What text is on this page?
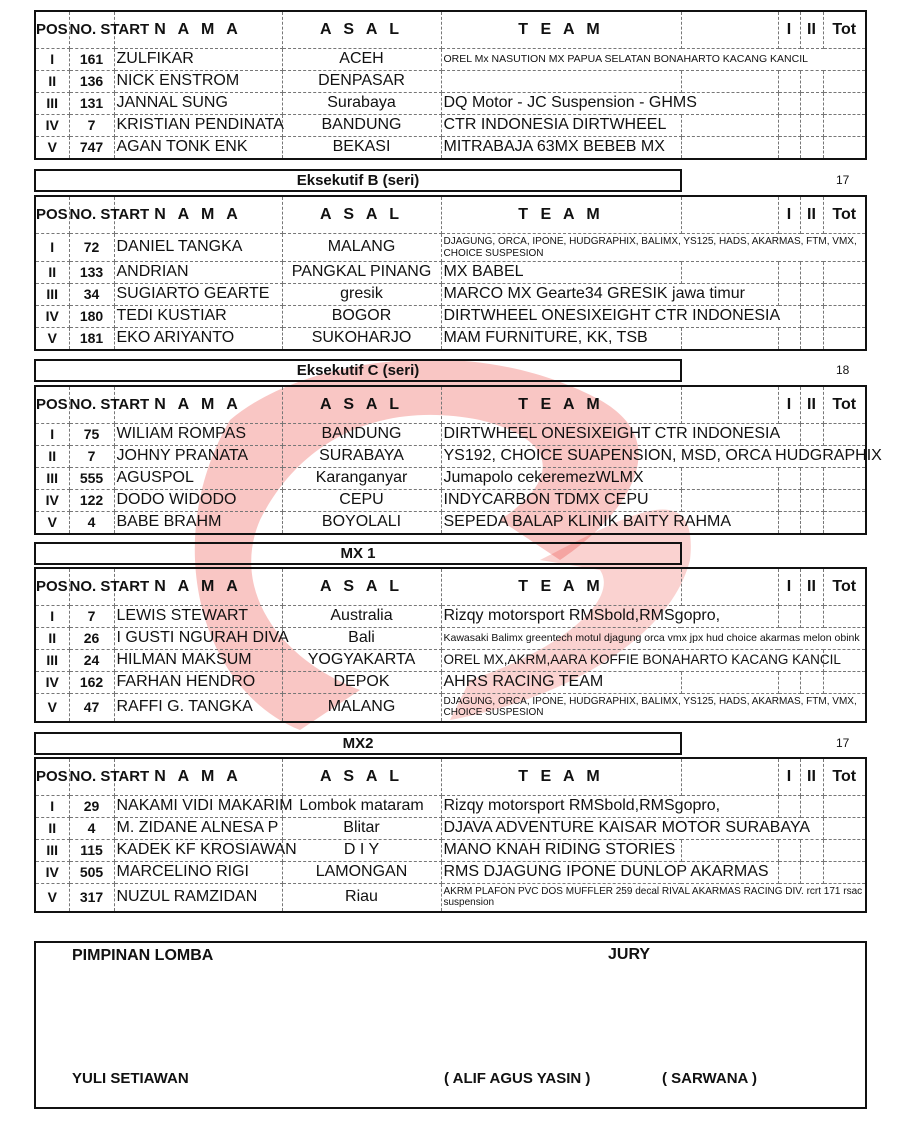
POS	NO. START	N A M A	A S A L	T E A M		I	II	Tot
I	161	ZULFIKAR	ACEH	OREL Mx NASUTION MX PAPUA SELATAN BONAHARTO KACANG KANCIL				
II	136	NICK ENSTROM	DENPASAR					
III	131	JANNAL SUNG	Surabaya	DQ Motor - JC Suspension - GHMS				
IV	7	KRISTIAN PENDINATA	BANDUNG	CTR INDONESIA DIRTWHEEL				
V	747	AGAN TONK ENK	BEKASI	MITRABAJA 63MX BEBEB MX				
Eksekutif B (seri)	17
POS	NO. START	N A M A	A S A L	T E A M		I	II	Tot
I	72	DANIEL TANGKA	MALANG	DJAGUNG, ORCA, IPONE, HUDGRAPHIX, BALIMX, YS125, HADS, AKARMAS, FTM, VMX, CHOICE SUSPESION				
II	133	ANDRIAN	PANGKAL PINANG	MX BABEL				
III	34	SUGIARTO GEARTE	gresik	MARCO MX Gearte34 GRESIK jawa timur				
IV	180	TEDI KUSTIAR	BOGOR	DIRTWHEEL ONESIXEIGHT CTR INDONESIA				
V	181	EKO ARIYANTO	SUKOHARJO	MAM FURNITURE, KK, TSB				
Eksekutif C (seri)	18
POS	NO. START	N A M A	A S A L	T E A M		I	II	Tot
I	75	WILIAM ROMPAS	BANDUNG	DIRTWHEEL ONESIXEIGHT CTR INDONESIA				
II	7	JOHNY PRANATA	SURABAYA	YS192, CHOICE SUAPENSION, MSD, ORCA HUDGRAPHIX				
III	555	AGUSPOL	Karanganyar	Jumapolo cekeremezWLMX				
IV	122	DODO WIDODO	CEPU	INDYCARBON TDMX CEPU				
V	4	BABE BRAHM	BOYOLALI	SEPEDA BALAP KLINIK BAITY RAHMA				
MX 1
POS	NO. START	N A M A	A S A L	T E A M		I	II	Tot
I	7	LEWIS STEWART	Australia	Rizqy motorsport RMSbold,RMSgopro,				
II	26	I GUSTI NGURAH DIVA	Bali	Kawasaki Balimx greentech motul djagung orca vmx jpx hud choice akarmas melon obink				
III	24	HILMAN MAKSUM	YOGYAKARTA	OREL MX,AKRM,AARA KOFFIE BONAHARTO KACANG KANCIL				
IV	162	FARHAN HENDRO	DEPOK	AHRS RACING TEAM				
V	47	RAFFI G. TANGKA	MALANG	DJAGUNG, ORCA, IPONE, HUDGRAPHIX, BALIMX, YS125, HADS, AKARMAS, FTM, VMX, CHOICE SUSPESION				
MX2	17
POS	NO. START	N A M A	A S A L	T E A M		I	II	Tot
I	29	NAKAMI VIDI MAKARIM	Lombok mataram	Rizqy motorsport RMSbold,RMSgopro,				
II	4	M. ZIDANE ALNESA P	Blitar	DJAVA ADVENTURE KAISAR MOTOR SURABAYA				
III	115	KADEK KF KROSIAWAN	D I Y	MANO KNAH RIDING STORIES				
IV	505	MARCELINO RIGI	LAMONGAN	RMS DJAGUNG IPONE DUNLOP AKARMAS				
V	317	NUZUL RAMZIDAN	Riau	AKRM PLAFON PVC DOS MUFFLER 259 decal RIVAL AKARMAS RACING DIV. rcrt 171 rsac suspension				
PIMPINAN LOMBA	JURY
YULI SETIAWAN	( ALIF AGUS YASIN )	( SARWANA )
